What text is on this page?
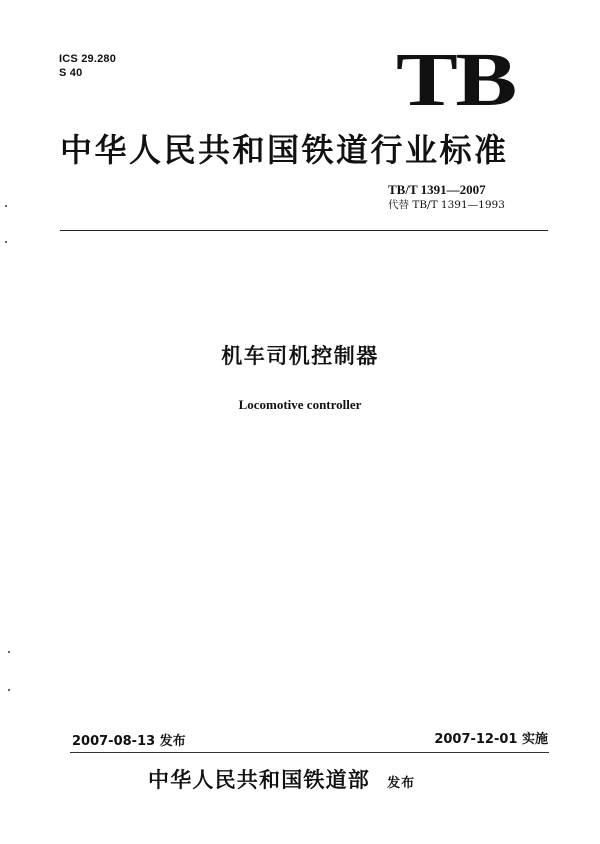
ICS 29.280
S 40	TB
中华人民共和国铁道行业标准
TB/T 1391—2007
代替 TB/T 1391—1993
机车司机控制器
Locomotive controller
2007-08-13 发布	2007-12-01 实施
中华人民共和国铁道部 发布
